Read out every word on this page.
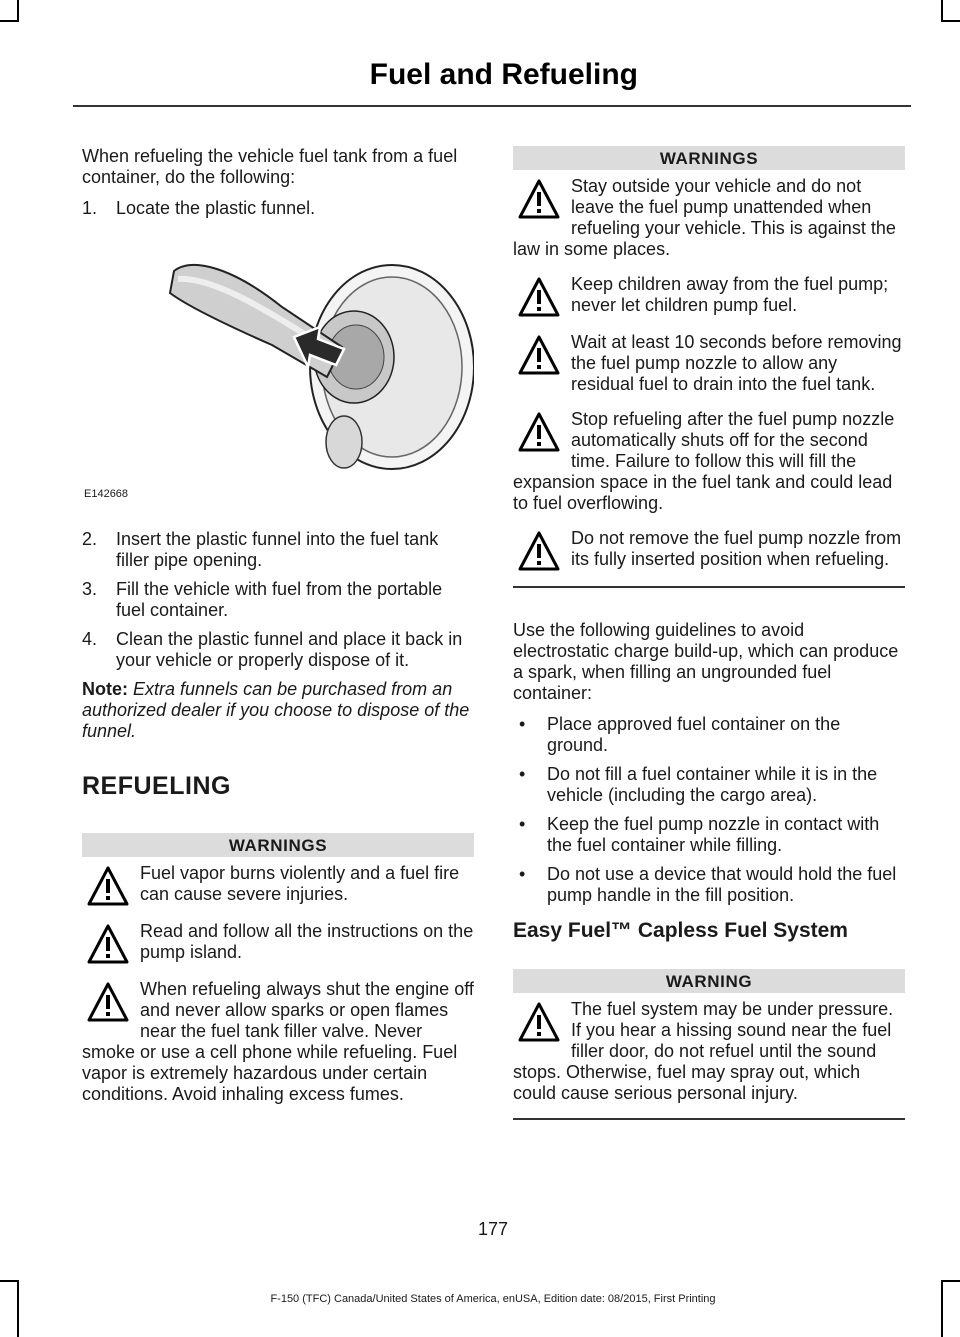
Fuel and Refueling

When refueling the vehicle fuel tank from a fuel container, do the following:

1.	Locate the plastic funnel.
E142668
2.	Insert the plastic funnel into the fuel tank filler pipe opening.
3.	Fill the vehicle with fuel from the portable fuel container.
4.	Clean the plastic funnel and place it back in your vehicle or properly dispose of it.

Note: Extra funnels can be purchased from an authorized dealer if you choose to dispose of the funnel.

REFUELING
WARNINGS
Fuel vapor burns violently and a fuel fire can cause severe injuries.
Read and follow all the instructions on the pump island.
When refueling always shut the engine off and never allow sparks or open flames near the fuel tank filler valve. Never smoke or use a cell phone while refueling. Fuel vapor is extremely hazardous under certain conditions. Avoid inhaling excess fumes.
WARNINGS
Stay outside your vehicle and do not leave the fuel pump unattended when refueling your vehicle. This is against the law in some places.
Keep children away from the fuel pump; never let children pump fuel.
Wait at least 10 seconds before removing the fuel pump nozzle to allow any residual fuel to drain into the fuel tank.
Stop refueling after the fuel pump nozzle automatically shuts off for the second time. Failure to follow this will fill the expansion space in the fuel tank and could lead to fuel overflowing.
Do not remove the fuel pump nozzle from its fully inserted position when refueling.

Use the following guidelines to avoid electrostatic charge build-up, which can produce a spark, when filling an ungrounded fuel container:

•	Place approved fuel container on the ground.
•	Do not fill a fuel container while it is in the vehicle (including the cargo area).
•	Keep the fuel pump nozzle in contact with the fuel container while filling.
•	Do not use a device that would hold the fuel pump handle in the fill position.
Easy Fuel™ Capless Fuel System
WARNING
The fuel system may be under pressure. If you hear a hissing sound near the fuel filler door, do not refuel until the sound stops. Otherwise, fuel may spray out, which could cause serious personal injury.
177
F-150 (TFC) Canada/United States of America, enUSA, Edition date: 08/2015, First Printing
